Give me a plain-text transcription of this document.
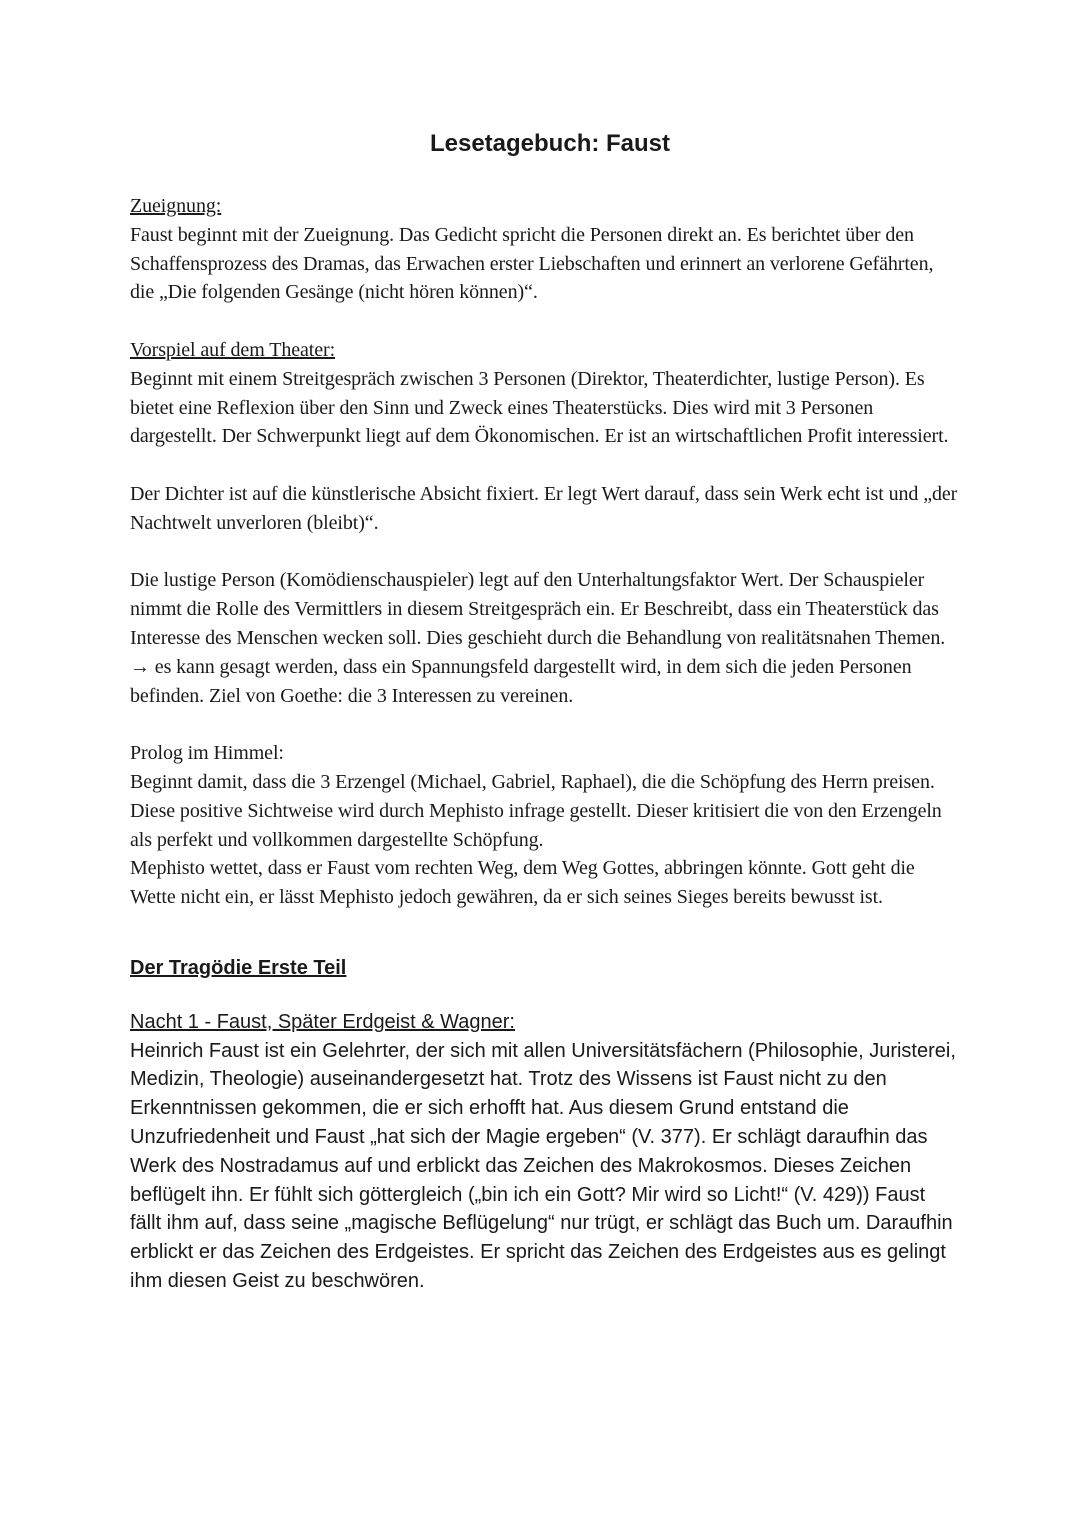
Lesetagebuch: Faust
Zueignung:

Faust beginnt mit der Zueignung. Das Gedicht spricht die Personen direkt an. Es berichtet über den Schaffensprozess des Dramas, das Erwachen erster Liebschaften und erinnert an verlorene Gefährten, die „Die folgenden Gesänge (nicht hören können)“.

Vorspiel auf dem Theater:

Beginnt mit einem Streitgespräch zwischen 3 Personen (Direktor, Theaterdichter, lustige Person). Es bietet eine Reflexion über den Sinn und Zweck eines Theaterstücks. Dies wird mit 3 Personen dargestellt. Der Schwerpunkt liegt auf dem Ökonomischen. Er ist an wirtschaftlichen Profit interessiert.

Der Dichter ist auf die künstlerische Absicht fixiert. Er legt Wert darauf, dass sein Werk echt ist und „der Nachtwelt unverloren (bleibt)“.

Die lustige Person (Komödienschauspieler) legt auf den Unterhaltungsfaktor Wert. Der Schauspieler nimmt die Rolle des Vermittlers in diesem Streitgespräch ein. Er Beschreibt, dass ein Theaterstück das Interesse des Menschen wecken soll. Dies geschieht durch die Behandlung von realitätsnahen Themen.

→ es kann gesagt werden, dass ein Spannungsfeld dargestellt wird, in dem sich die jeden Personen befinden. Ziel von Goethe: die 3 Interessen zu vereinen.

Prolog im Himmel:

Beginnt damit, dass die 3 Erzengel (Michael, Gabriel, Raphael), die die Schöpfung des Herrn preisen. Diese positive Sichtweise wird durch Mephisto infrage gestellt. Dieser kritisiert die von den Erzengeln als perfekt und vollkommen dargestellte Schöpfung.

Mephisto wettet, dass er Faust vom rechten Weg, dem Weg Gottes, abbringen könnte. Gott geht die Wette nicht ein, er lässt Mephisto jedoch gewähren, da er sich seines Sieges bereits bewusst ist.

Der Tragödie Erste Teil
Nacht 1 - Faust, Später Erdgeist & Wagner:

Heinrich Faust ist ein Gelehrter, der sich mit allen Universitätsfächern (Philosophie, Juristerei, Medizin, Theologie) auseinandergesetzt hat. Trotz des Wissens ist Faust nicht zu den Erkenntnissen gekommen, die er sich erhofft hat. Aus diesem Grund entstand die Unzufriedenheit und Faust „hat sich der Magie ergeben“ (V. 377). Er schlägt daraufhin das Werk des Nostradamus auf und erblickt das Zeichen des Makrokosmos. Dieses Zeichen beflügelt ihn. Er fühlt sich göttergleich („bin ich ein Gott? Mir wird so Licht!“ (V. 429)) Faust fällt ihm auf, dass seine „magische Beflügelung“ nur trügt, er schlägt das Buch um. Daraufhin erblickt er das Zeichen des Erdgeistes. Er spricht das Zeichen des Erdgeistes aus es gelingt ihm diesen Geist zu beschwören.
